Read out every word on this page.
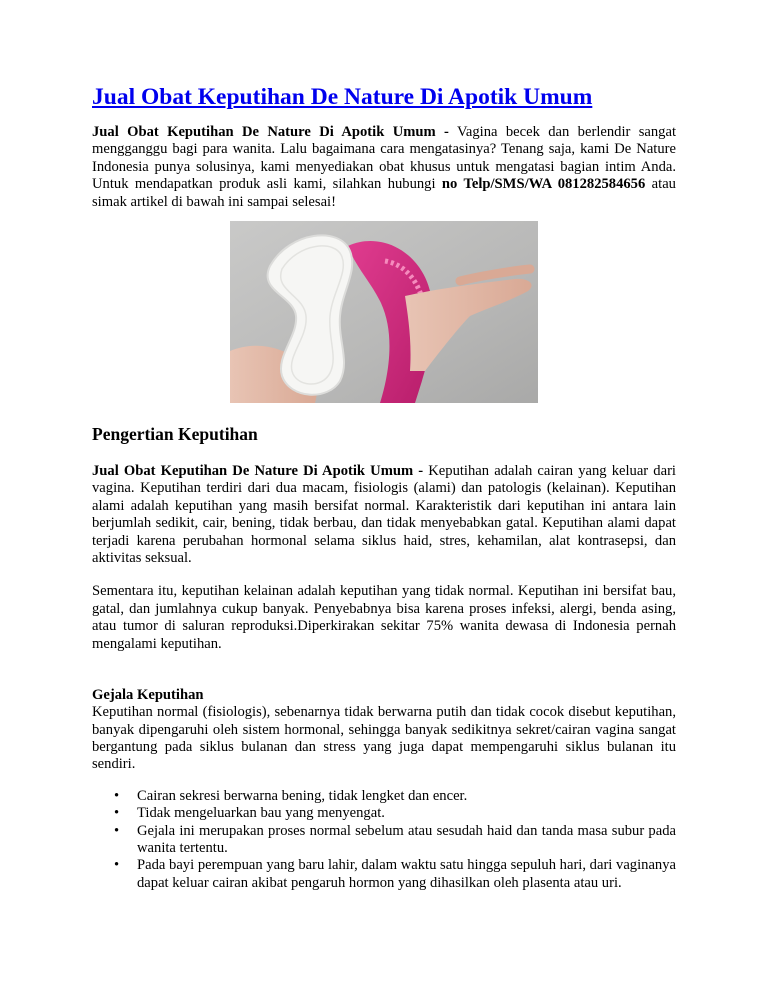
Jual Obat Keputihan De Nature Di Apotik Umum

Jual Obat Keputihan De Nature Di Apotik Umum - Vagina becek dan berlendir sangat mengganggu bagi para wanita. Lalu bagaimana cara mengatasinya? Tenang saja, kami De Nature Indonesia punya solusinya, kami menyediakan obat khusus untuk mengatasi bagian intim Anda. Untuk mendapatkan produk asli kami, silahkan hubungi no Telp/SMS/WA 081282584656 atau simak artikel di bawah ini sampai selesai!

Pengertian Keputihan

Jual Obat Keputihan De Nature Di Apotik Umum - Keputihan adalah cairan yang keluar dari vagina. Keputihan terdiri dari dua macam, fisiologis (alami) dan patologis (kelainan). Keputihan alami adalah keputihan yang masih bersifat normal. Karakteristik dari keputihan ini antara lain berjumlah sedikit, cair, bening, tidak berbau, dan tidak menyebabkan gatal. Keputihan alami dapat terjadi karena perubahan hormonal selama siklus haid, stres, kehamilan, alat kontrasepsi, dan aktivitas seksual.

Sementara itu, keputihan kelainan adalah keputihan yang tidak normal. Keputihan ini bersifat bau, gatal, dan jumlahnya cukup banyak. Penyebabnya bisa karena proses infeksi, alergi, benda asing, atau tumor di saluran reproduksi.Diperkirakan sekitar 75% wanita dewasa di Indonesia pernah mengalami keputihan.

Gejala Keputihan

Keputihan normal (fisiologis), sebenarnya tidak berwarna putih dan tidak cocok disebut keputihan, banyak dipengaruhi oleh sistem hormonal, sehingga banyak sedikitnya sekret/cairan vagina sangat bergantung pada siklus bulanan dan stress yang juga dapat mempengaruhi siklus bulanan itu sendiri.

• Cairan sekresi berwarna bening, tidak lengket dan encer.
• Tidak mengeluarkan bau yang menyengat.
• Gejala ini merupakan proses normal sebelum atau sesudah haid dan tanda masa subur pada wanita tertentu.
• Pada bayi perempuan yang baru lahir, dalam waktu satu hingga sepuluh hari, dari vaginanya dapat keluar cairan akibat pengaruh hormon yang dihasilkan oleh plasenta atau uri.
